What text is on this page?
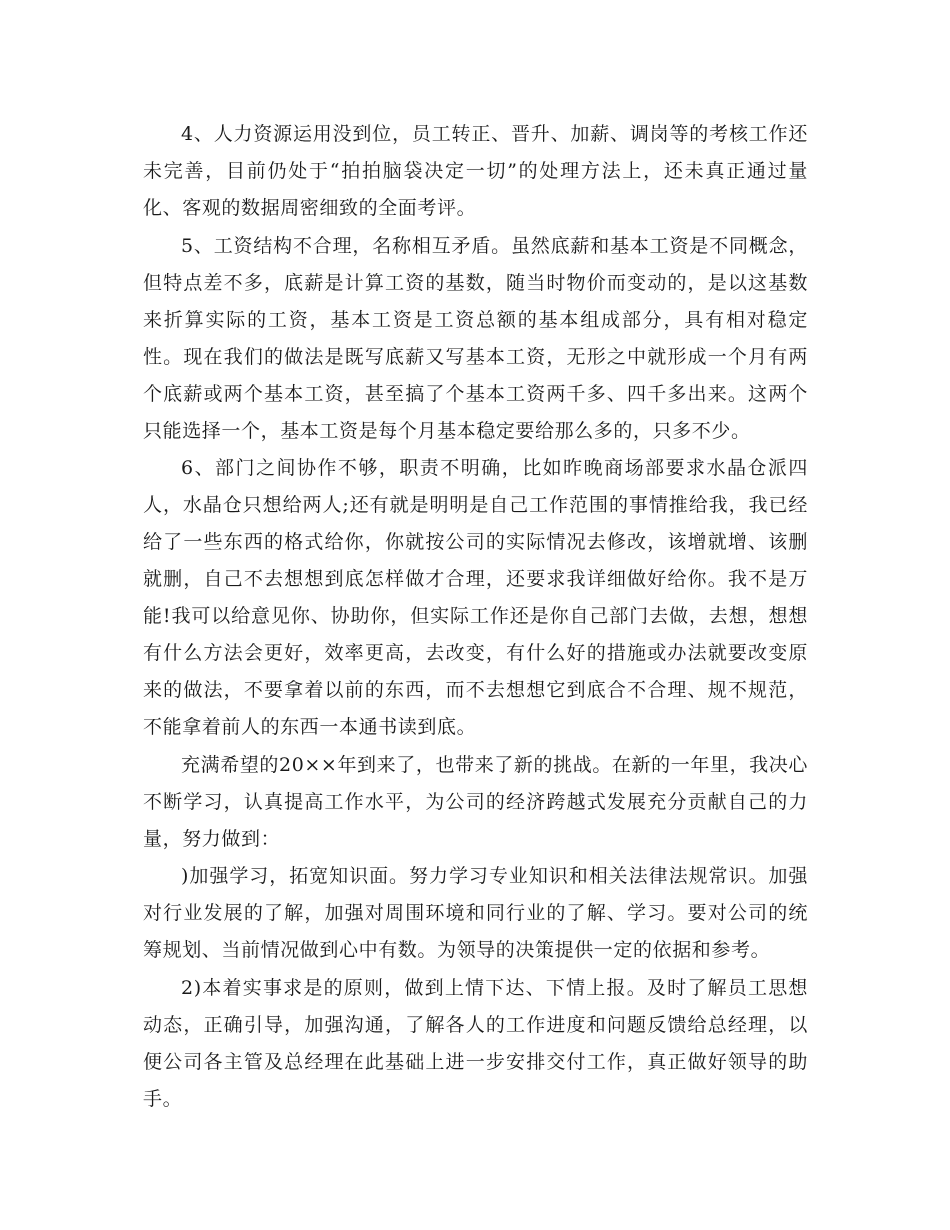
4、人力资源运用没到位，员工转正、晋升、加薪、调岗等的考核工作还未完善，目前仍处于“拍拍脑袋决定一切”的处理方法上，还未真正通过量化、客观的数据周密细致的全面考评。

5、工资结构不合理，名称相互矛盾。虽然底薪和基本工资是不同概念，但特点差不多，底薪是计算工资的基数，随当时物价而变动的，是以这基数来折算实际的工资，基本工资是工资总额的基本组成部分，具有相对稳定性。现在我们的做法是既写底薪又写基本工资，无形之中就形成一个月有两个底薪或两个基本工资，甚至搞了个基本工资两千多、四千多出来。这两个只能选择一个，基本工资是每个月基本稳定要给那么多的，只多不少。

6、部门之间协作不够，职责不明确，比如昨晚商场部要求水晶仓派四人，水晶仓只想给两人;还有就是明明是自己工作范围的事情推给我，我已经给了一些东西的格式给你，你就按公司的实际情况去修改，该增就增、该删就删，自己不去想想到底怎样做才合理，还要求我详细做好给你。我不是万能!我可以给意见你、协助你，但实际工作还是你自己部门去做，去想，想想有什么方法会更好，效率更高，去改变，有什么好的措施或办法就要改变原来的做法，不要拿着以前的东西，而不去想想它到底合不合理、规不规范，不能拿着前人的东西一本通书读到底。

充满希望的20××年到来了，也带来了新的挑战。在新的一年里，我决心不断学习，认真提高工作水平，为公司的经济跨越式发展充分贡献自己的力量，努力做到：

)加强学习，拓宽知识面。努力学习专业知识和相关法律法规常识。加强对行业发展的了解，加强对周围环境和同行业的了解、学习。要对公司的统筹规划、当前情况做到心中有数。为领导的决策提供一定的依据和参考。

2)本着实事求是的原则，做到上情下达、下情上报。及时了解员工思想动态，正确引导，加强沟通，了解各人的工作进度和问题反馈给总经理，以便公司各主管及总经理在此基础上进一步安排交付工作，真正做好领导的助手。
